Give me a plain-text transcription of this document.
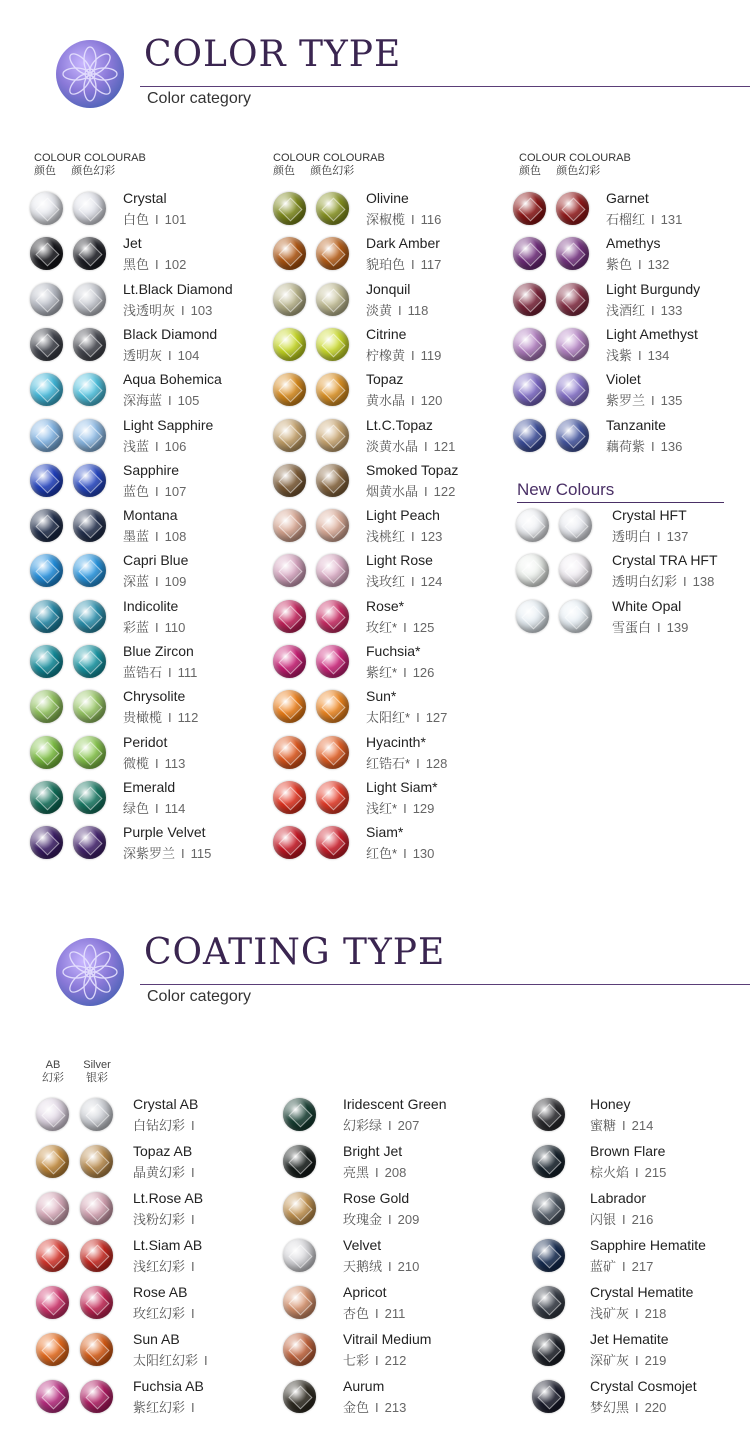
COLOR TYPE
Color category
COLOUR COLOURAB
颜色     颜色幻彩
COLOUR COLOURAB
颜色     颜色幻彩
COLOUR COLOURAB
颜色     颜色幻彩
Crystal
白色 I 101
Jet
黑色 I 102
Lt.Black Diamond
浅透明灰 I 103
Black Diamond
透明灰 I 104
Aqua Bohemica
深海蓝 I 105
Light Sapphire
浅蓝 I 106
Sapphire
蓝色 I 107
Montana
墨蓝 I 108
Capri Blue
深蓝 I 109
Indicolite
彩蓝 I 110
Blue Zircon
蓝锆石 I 111
Chrysolite
贵橄榄 I 112
Peridot
微榄 I 113
Emerald
绿色 I 114
Purple Velvet
深紫罗兰 I 115
Olivine
深椒榄 I 116
Dark Amber
貌珀色 I 117
Jonquil
淡黄 I 118
Citrine
柠橡黄 I 119
Topaz
黄水晶 I 120
Lt.C.Topaz
淡黄水晶 I 121
Smoked Topaz
烟黄水晶 I 122
Light Peach
浅桃红 I 123
Light Rose
浅玫红 I 124
Rose*
玫红* I 125
Fuchsia*
紫红* I 126
Sun*
太阳红* I 127
Hyacinth*
红锆石* I 128
Light Siam*
浅红* I 129
Siam*
红色* I 130
Garnet
石榴红 I 131
Amethys
紫色 I 132
Light Burgundy
浅酒红 I 133
Light Amethyst
浅紫 I 134
Violet
紫罗兰 I 135
Tanzanite
藕荷紫 I 136
Crystal HFT
透明白 I 137
Crystal TRA HFT
透明白幻彩 I 138
White Opal
雪蛋白 I 139
New Colours
COATING TYPE
Color category
AB
幻彩
Silver
银彩
Crystal AB
白钻幻彩 I
Topaz AB
晶黄幻彩 I
Lt.Rose AB
浅粉幻彩 I
Lt.Siam AB
浅红幻彩 I
Rose AB
玫红幻彩 I
Sun AB
太阳红幻彩 I
Fuchsia AB
紫红幻彩 I
Iridescent Green
幻彩绿 I 207
Bright Jet
亮黑 I 208
Rose Gold
玫瑰金 I 209
Velvet
天鹅绒 I 210
Apricot
杏色 I 211
Vitrail Medium
七彩 I 212
Aurum
金色 I 213
Honey
蜜糖 I 214
Brown Flare
棕火焰 I 215
Labrador
闪银 I 216
Sapphire Hematite
蓝矿 I 217
Crystal Hematite
浅矿灰 I 218
Jet Hematite
深矿灰 I 219
Crystal Cosmojet
梦幻黑 I 220
